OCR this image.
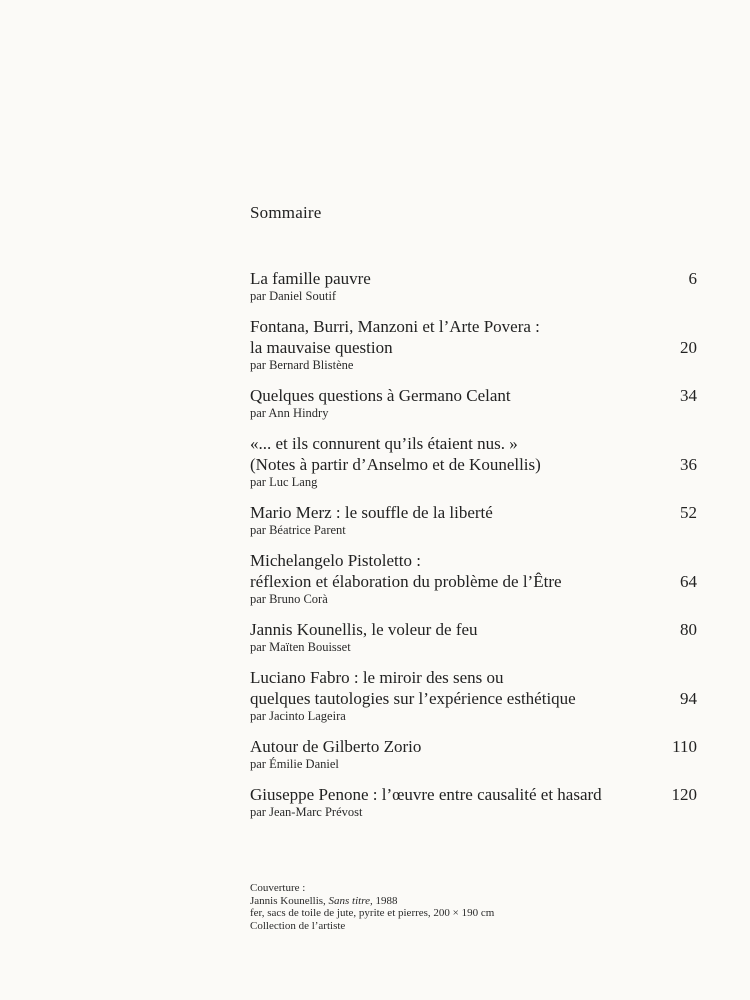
Sommaire
La famille pauvre	6
par Daniel Soutif
Fontana, Burri, Manzoni et l’Arte Povera :
la mauvaise question	20
par Bernard Blistène
Quelques questions à Germano Celant	34
par Ann Hindry
«... et ils connurent qu’ils étaient nus. »
(Notes à partir d’Anselmo et de Kounellis)	36
par Luc Lang
Mario Merz : le souffle de la liberté	52
par Béatrice Parent
Michelangelo Pistoletto :
réflexion et élaboration du problème de l’Être	64
par Bruno Corà
Jannis Kounellis, le voleur de feu	80
par Maïten Bouisset
Luciano Fabro : le miroir des sens ou
quelques tautologies sur l’expérience esthétique	94
par Jacinto Lageira
Autour de Gilberto Zorio	110
par Émilie Daniel
Giuseppe Penone : l’œuvre entre causalité et hasard	120
par Jean-Marc Prévost
Couverture :
Jannis Kounellis, Sans titre, 1988
fer, sacs de toile de jute, pyrite et pierres, 200 × 190 cm
Collection de l’artiste
